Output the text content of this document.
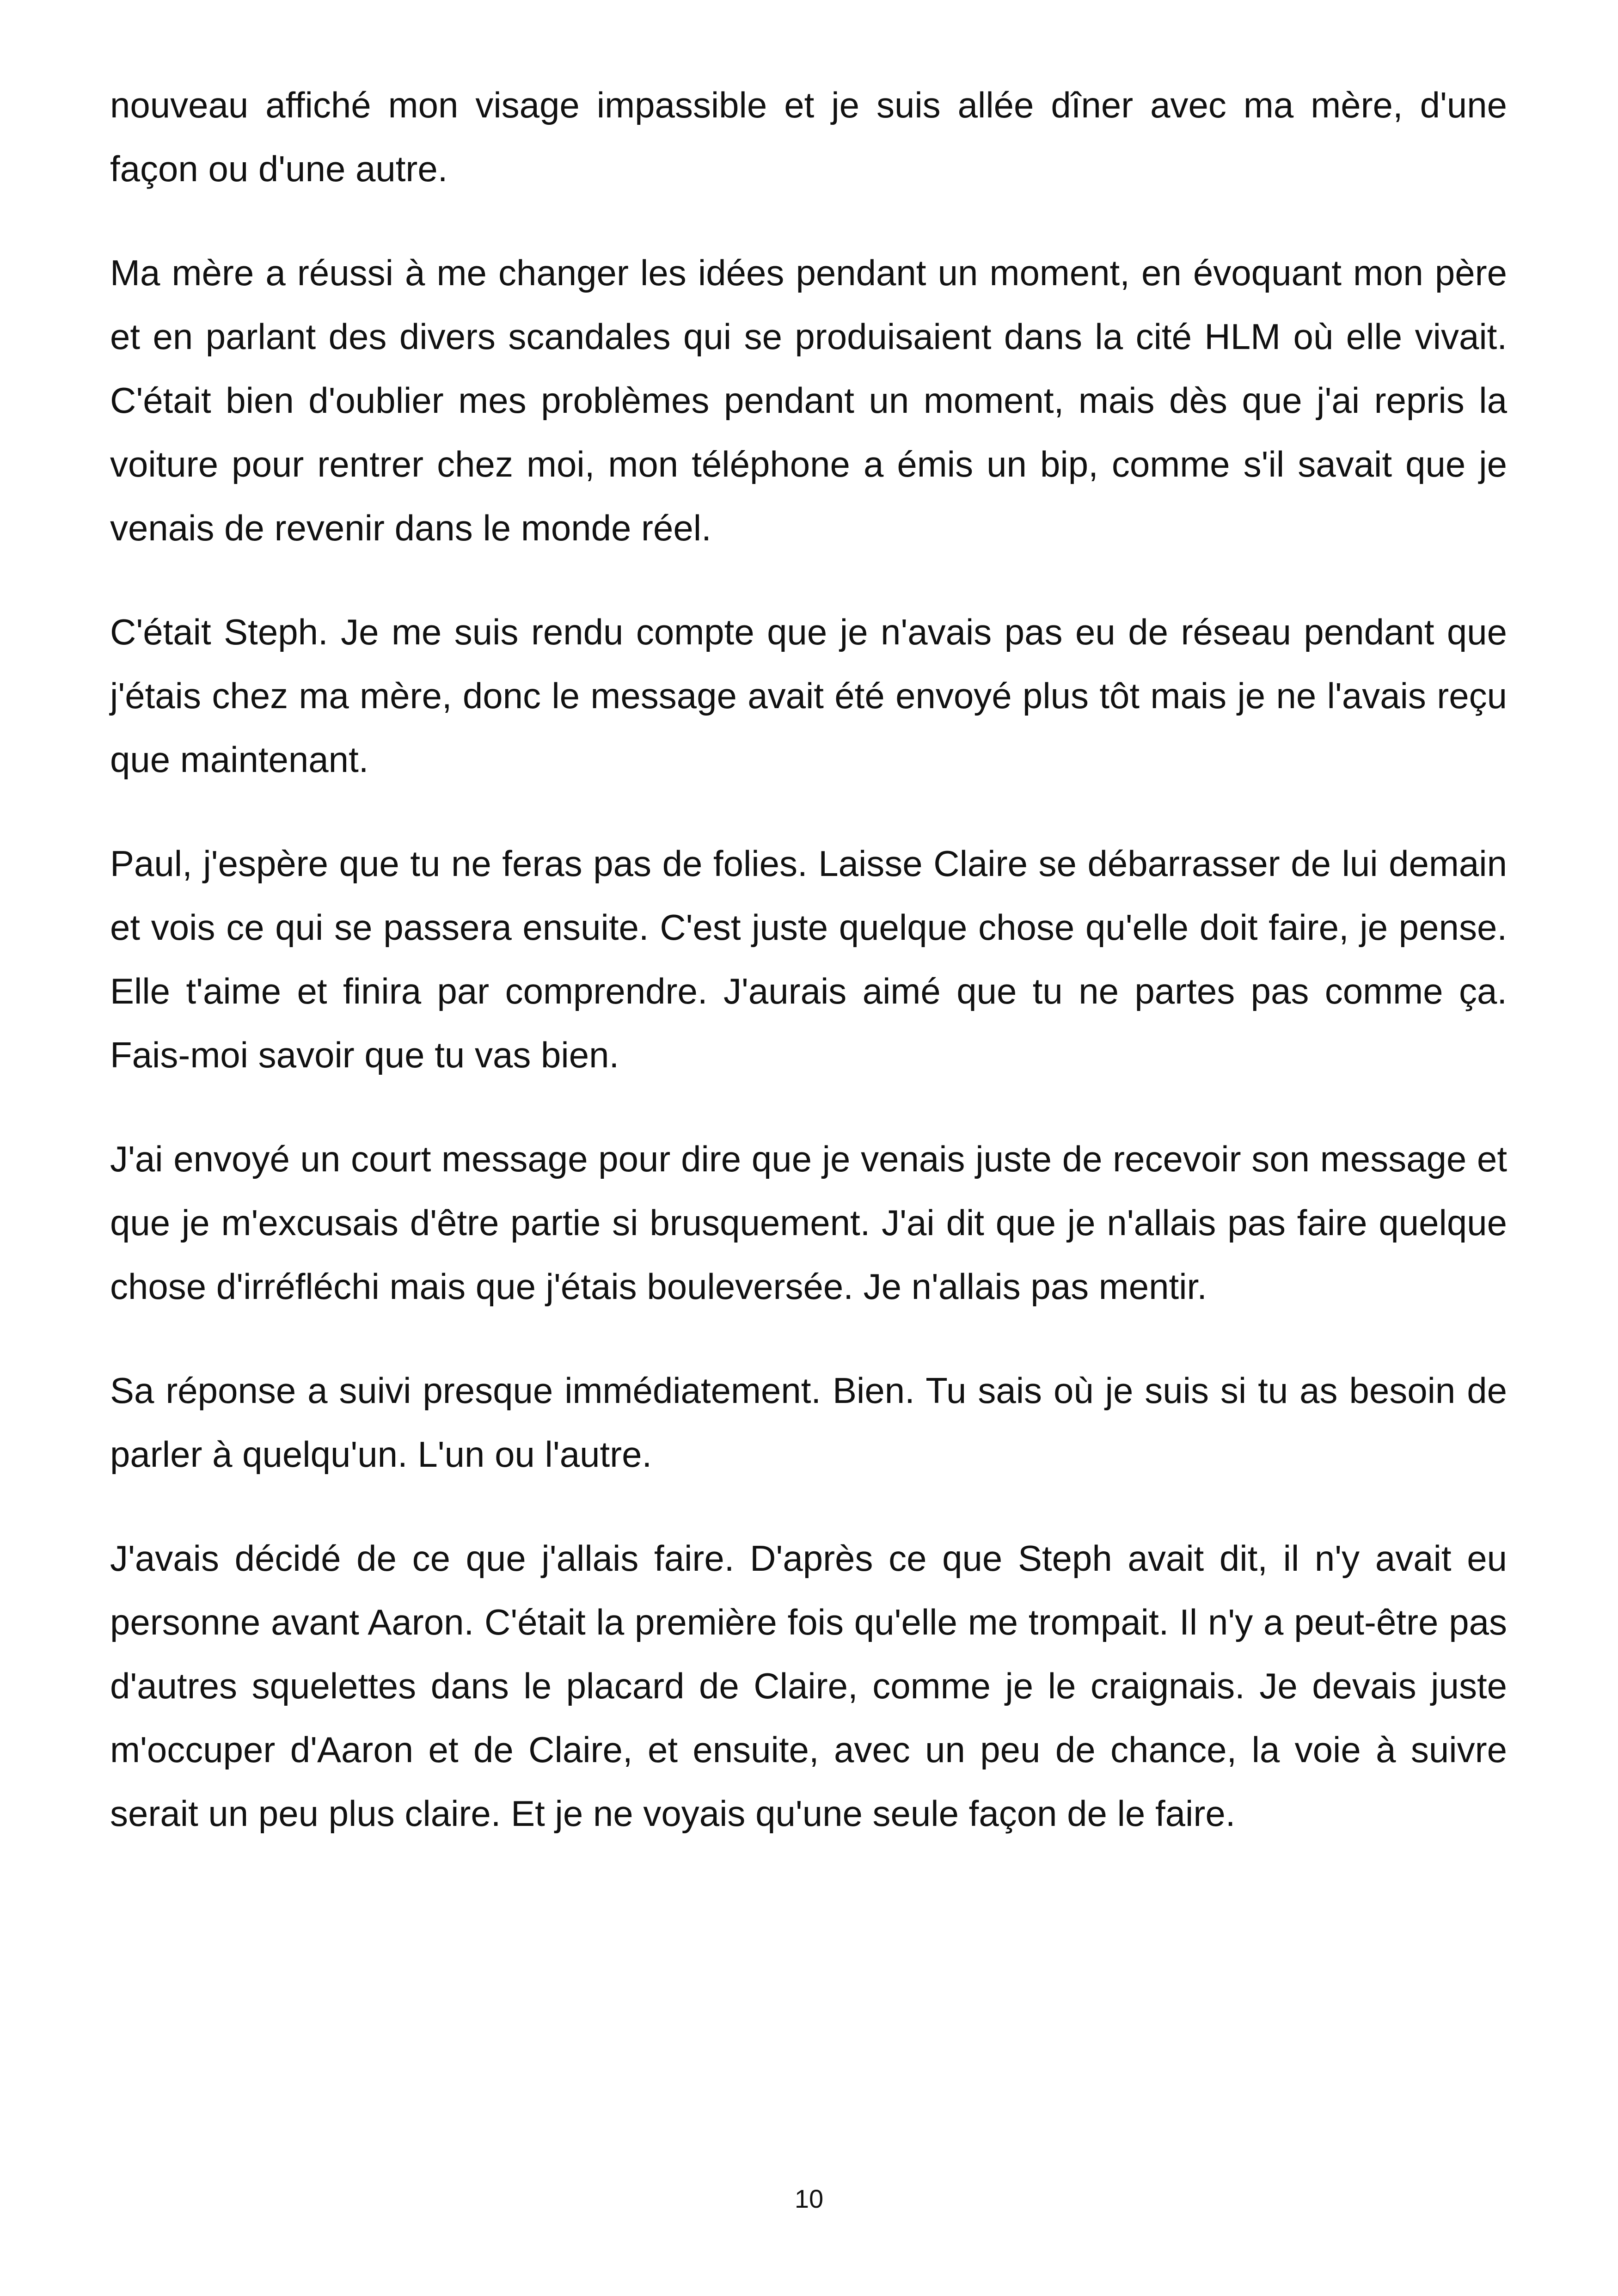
nouveau affiché mon visage impassible et je suis allée dîner avec ma mère, d'une façon ou d'une autre.

Ma mère a réussi à me changer les idées pendant un moment, en évoquant mon père et en parlant des divers scandales qui se produisaient dans la cité HLM où elle vivait. C'était bien d'oublier mes problèmes pendant un moment, mais dès que j'ai repris la voiture pour rentrer chez moi, mon téléphone a émis un bip, comme s'il savait que je venais de revenir dans le monde réel.

C'était Steph. Je me suis rendu compte que je n'avais pas eu de réseau pendant que j'étais chez ma mère, donc le message avait été envoyé plus tôt mais je ne l'avais reçu que maintenant.

Paul, j'espère que tu ne feras pas de folies. Laisse Claire se débarrasser de lui demain et vois ce qui se passera ensuite. C'est juste quelque chose qu'elle doit faire, je pense. Elle t'aime et finira par comprendre. J'aurais aimé que tu ne partes pas comme ça. Fais-moi savoir que tu vas bien.

J'ai envoyé un court message pour dire que je venais juste de recevoir son message et que je m'excusais d'être partie si brusquement. J'ai dit que je n'allais pas faire quelque chose d'irréfléchi mais que j'étais bouleversée. Je n'allais pas mentir.

Sa réponse a suivi presque immédiatement. Bien. Tu sais où je suis si tu as besoin de parler à quelqu'un. L'un ou l'autre.

J'avais décidé de ce que j'allais faire. D'après ce que Steph avait dit, il n'y avait eu personne avant Aaron. C'était la première fois qu'elle me trompait. Il n'y a peut-être pas d'autres squelettes dans le placard de Claire, comme je le craignais. Je devais juste m'occuper d'Aaron et de Claire, et ensuite, avec un peu de chance, la voie à suivre serait un peu plus claire. Et je ne voyais qu'une seule façon de le faire.

10
